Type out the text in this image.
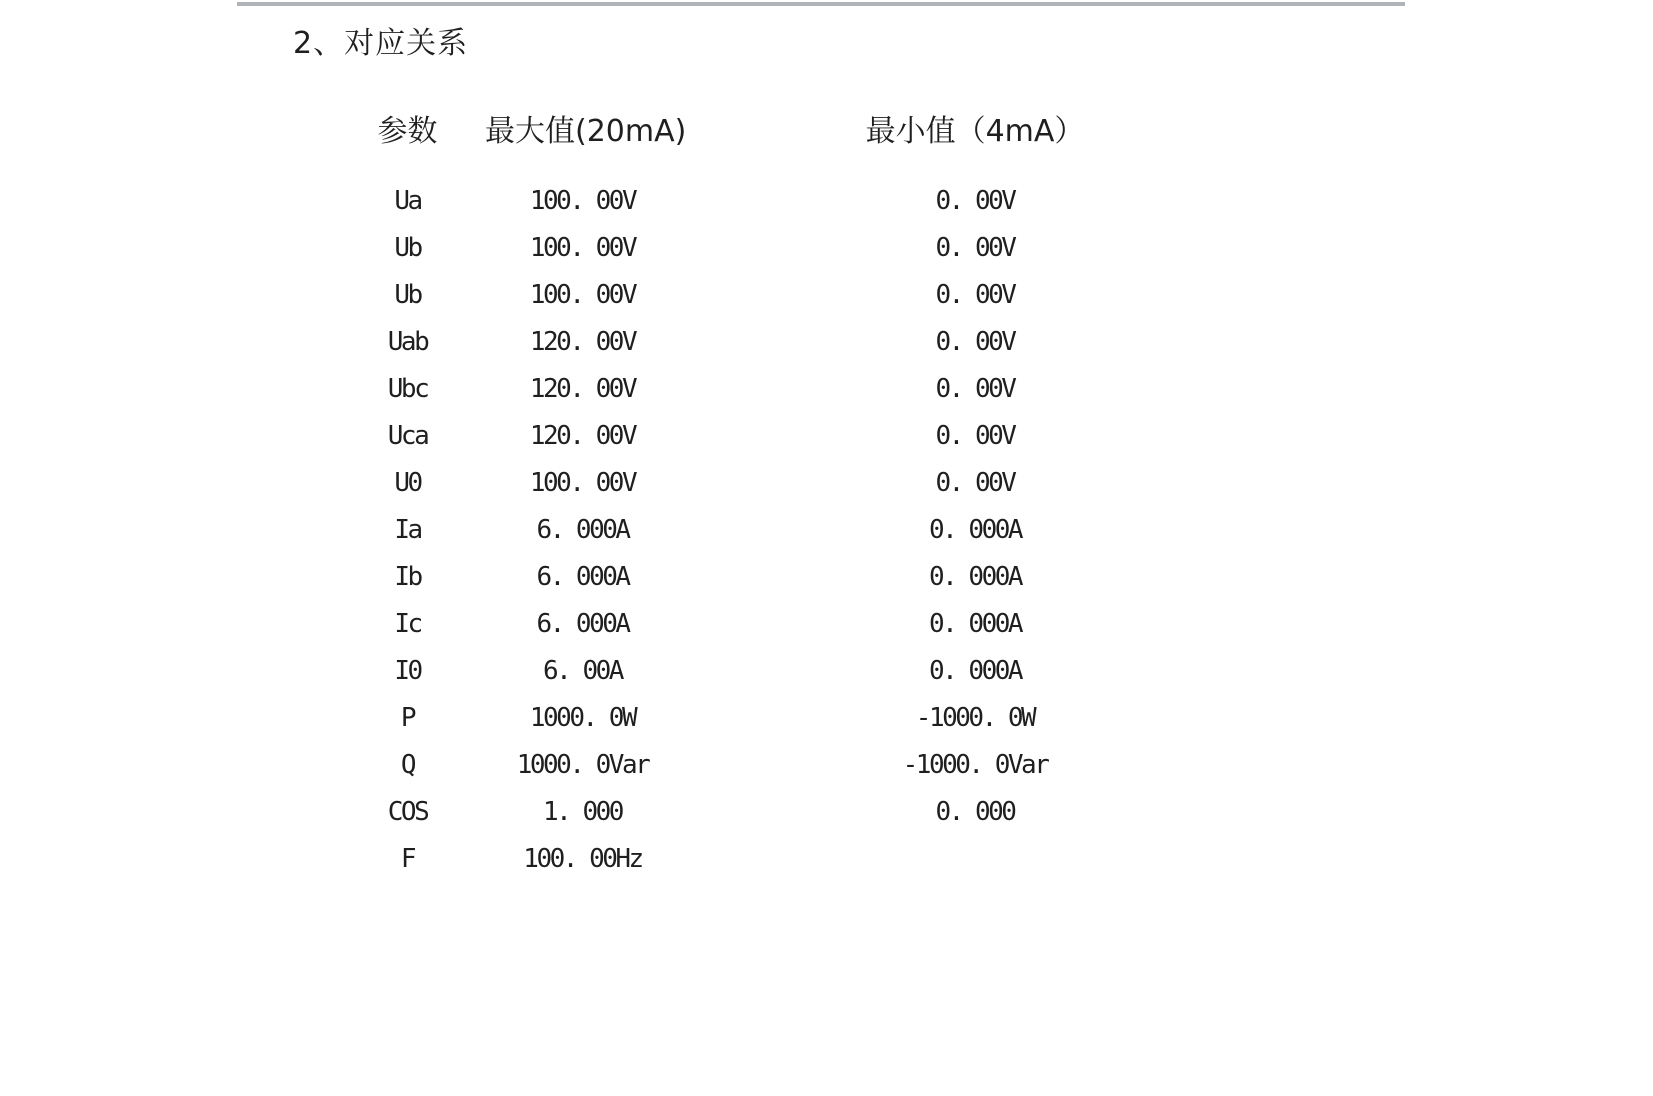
2、对应关系
参数	最大值(20mA)	最小值（4mA）
Ua	100. 00V	0. 00V
Ub	100. 00V	0. 00V
Ub	100. 00V	0. 00V
Uab	120. 00V	0. 00V
Ubc	120. 00V	0. 00V
Uca	120. 00V	0. 00V
U0	100. 00V	0. 00V
Ia	6. 000A	0. 000A
Ib	6. 000A	0. 000A
Ic	6. 000A	0. 000A
I0	6. 00A	0. 000A
P	1000. 0W	-1000. 0W
Q	1000. 0Var	-1000. 0Var
COS	1. 000	0. 000
F	100. 00Hz
